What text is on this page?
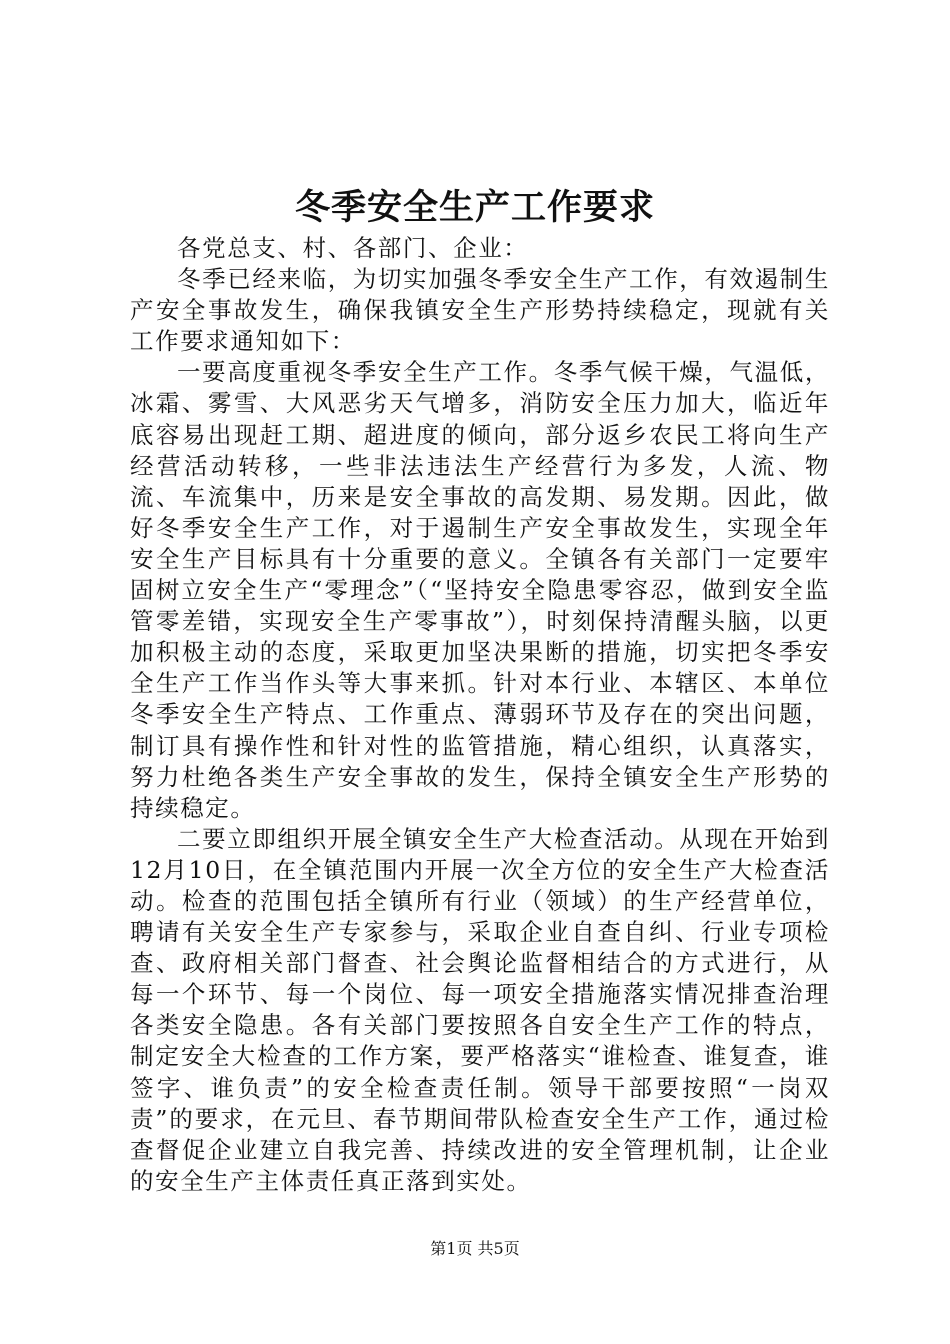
冬季安全生产工作要求

各党总支、村、各部门、企业：

冬季已经来临，为切实加强冬季安全生产工作，有效遏制生产安全事故发生，确保我镇安全生产形势持续稳定，现就有关工作要求通知如下：

一要高度重视冬季安全生产工作。冬季气候干燥，气温低，冰霜、雾雪、大风恶劣天气增多，消防安全压力加大，临近年底容易出现赶工期、超进度的倾向，部分返乡农民工将向生产经营活动转移，一些非法违法生产经营行为多发，人流、物流、车流集中，历来是安全事故的高发期、易发期。因此，做好冬季安全生产工作，对于遏制生产安全事故发生，实现全年安全生产目标具有十分重要的意义。全镇各有关部门一定要牢固树立安全生产“零理念”（“坚持安全隐患零容忍，做到安全监管零差错，实现安全生产零事故”），时刻保持清醒头脑，以更加积极主动的态度，采取更加坚决果断的措施，切实把冬季安全生产工作当作头等大事来抓。针对本行业、本辖区、本单位冬季安全生产特点、工作重点、薄弱环节及存在的突出问题，制订具有操作性和针对性的监管措施，精心组织，认真落实，努力杜绝各类生产安全事故的发生，保持全镇安全生产形势的持续稳定。

二要立即组织开展全镇安全生产大检查活动。从现在开始到12月10日，在全镇范围内开展一次全方位的安全生产大检查活动。检查的范围包括全镇所有行业（领域）的生产经营单位，聘请有关安全生产专家参与，采取企业自查自纠、行业专项检查、政府相关部门督查、社会舆论监督相结合的方式进行，从每一个环节、每一个岗位、每一项安全措施落实情况排查治理各类安全隐患。各有关部门要按照各自安全生产工作的特点，制定安全大检查的工作方案，要严格落实“谁检查、谁复查，谁签字、谁负责”的安全检查责任制。领导干部要按照“一岗双责”的要求，在元旦、春节期间带队检查安全生产工作，通过检查督促企业建立自我完善、持续改进的安全管理机制，让企业的安全生产主体责任真正落到实处。

第1页 共5页
